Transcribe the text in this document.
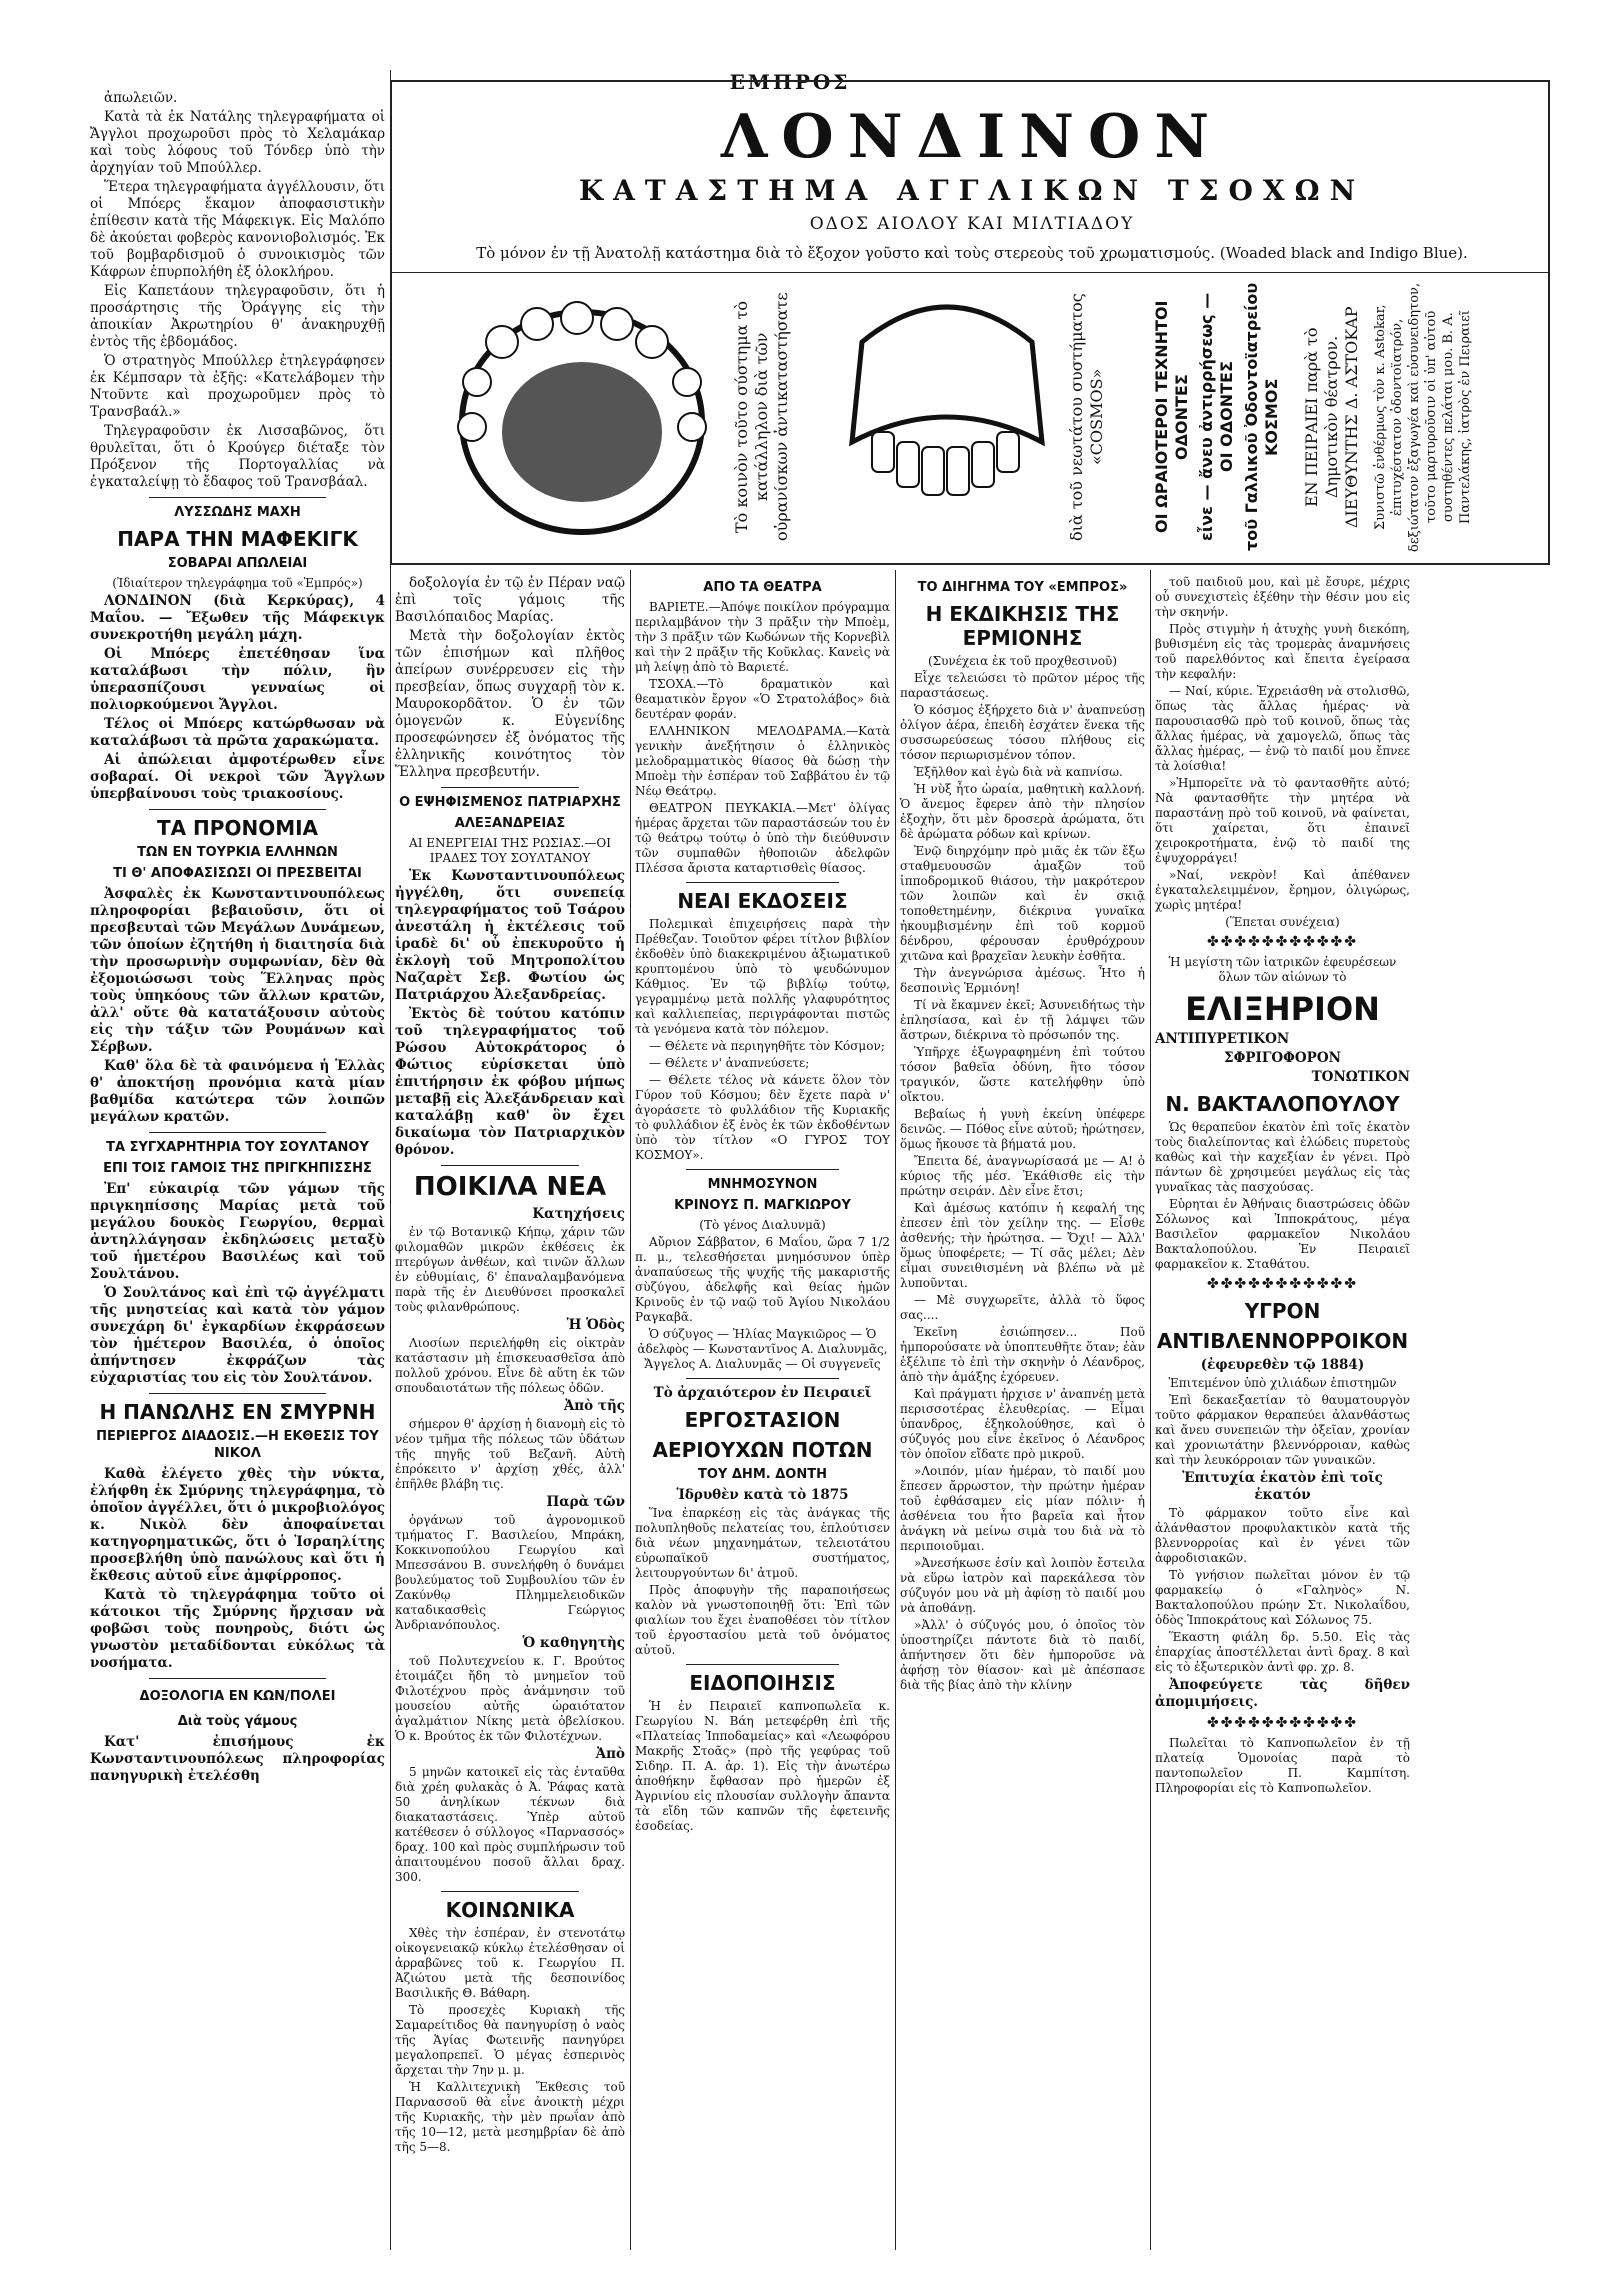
ΕΜΠΡΟΣ

ἀπωλειῶν.

Κατὰ τὰ ἐκ Νατάλης τηλεγραφήματα οἱ Ἄγγλοι προχωροῦσι πρὸς τὸ Χελαμάκαρ καὶ τοὺς λόφους τοῦ Τόνδερ ὑπὸ τὴν ἀρχηγίαν τοῦ Μπούλλερ.

Ἕτερα τηλεγραφήματα ἀγγέλλουσιν, ὅτι οἱ Μπόερς ἔκαμον ἀποφασιστικὴν ἐπίθεσιν κατὰ τῆς Μάφεκιγκ. Εἰς Μαλόπο δὲ ἀκούεται φοβερὸς κανονιοβολισμός. Ἐκ τοῦ βομβαρδισμοῦ ὁ συνοικισμὸς τῶν Κάφρων ἐπυρπολήθη ἐξ ὁλοκλήρου.

Εἰς Καπετάουν τηλεγραφοῦσιν, ὅτι ἡ προσάρτησις τῆς Ὀράγγης εἰς τὴν ἀποικίαν Ἀκρωτηρίου θ' ἀνακηρυχθῇ ἐντὸς τῆς ἑβδομάδος.

Ὁ στρατηγὸς Μπούλλερ ἐτηλεγράφησεν ἐκ Κέμπσαρν τὰ ἑξῆς: «Κατελάβομεν τὴν Ντοῦντε καὶ προχωροῦμεν πρὸς τὸ Τρανσβαάλ.»

Τηλεγραφοῦσιν ἐκ Λισσαβῶνος, ὅτι θρυλεῖται, ὅτι ὁ Κρούγερ διέταξε τὸν Πρόξενον τῆς Πορτογαλλίας νὰ ἐγκαταλείψῃ τὸ ἔδαφος τοῦ Τρανσβάαλ.

ΛΥΣΣΩΔΗΣ ΜΑΧΗ
ΠΑΡΑ ΤΗΝ ΜΑΦΕΚΙΓΚ
ΣΟΒΑΡΑΙ ΑΠΩΛΕΙΑΙ

(Ἰδιαίτερον τηλεγράφημα τοῦ «Ἐμπρός»)

ΛΟΝΔΙΝΟΝ (διὰ Κερκύρας), 4 Μαΐου. — Ἔξωθεν τῆς Μάφεκιγκ συνεκροτήθη μεγάλη μάχη.

Οἱ Μπόερς ἐπετέθησαν ἵνα καταλάβωσι τὴν πόλιν, ἣν ὑπερασπίζουσι γενναίως οἱ πολιορκούμενοι Ἄγγλοι.

Τέλος οἱ Μπόερς κατώρθωσαν νὰ καταλάβωσι τὰ πρῶτα χαρακώματα.

Αἱ ἀπώλειαι ἀμφοτέρωθεν εἶνε σοβαραί. Οἱ νεκροὶ τῶν Ἄγγλων ὑπερβαίνουσι τοὺς τριακοσίους.

ΤΑ ΠΡΟΝΟΜΙΑ
ΤΩΝ ΕΝ ΤΟΥΡΚΙΑ ΕΛΛΗΝΩΝ
ΤΙ Θ' ΑΠΟΦΑΣΙΣΩΣΙ ΟΙ ΠΡΕΣΒΕΙΤΑΙ

Ἀσφαλὲς ἐκ Κωνσταντινουπόλεως πληροφορίαι βεβαιοῦσιν, ὅτι οἱ πρεσβευταὶ τῶν Μεγάλων Δυνάμεων, τῶν ὁποίων ἐζητήθη ἡ διαιτησία διὰ τὴν προσωρινὴν συμφωνίαν, δὲν θὰ ἐξομοιώσωσι τοὺς Ἕλληνας πρὸς τοὺς ὑπηκόους τῶν ἄλλων κρατῶν, ἀλλ' οὔτε θὰ κατατάξουσιν αὐτοὺς εἰς τὴν τάξιν τῶν Ρουμάνων καὶ Σέρβων.

Καθ' ὅλα δὲ τὰ φαινόμενα ἡ Ἑλλὰς θ' ἀποκτήσῃ προνόμια κατὰ μίαν βαθμίδα κατώτερα τῶν λοιπῶν μεγάλων κρατῶν.

ΤΑ ΣΥΓΧΑΡΗΤΗΡΙΑ ΤΟΥ ΣΟΥΛΤΑΝΟΥ
ΕΠΙ ΤΟΙΣ ΓΑΜΟΙΣ ΤΗΣ ΠΡΙΓΚΗΠΙΣΣΗΣ

Ἐπ' εὐκαιρίᾳ τῶν γάμων τῆς πριγκηπίσσης Μαρίας μετὰ τοῦ μεγάλου δουκὸς Γεωργίου, θερμαὶ ἀντηλλάγησαν ἐκδηλώσεις μεταξὺ τοῦ ἡμετέρου Βασιλέως καὶ τοῦ Σουλτάνου.

Ὁ Σουλτάνος καὶ ἐπὶ τῷ ἀγγέλματι τῆς μνηστείας καὶ κατὰ τὸν γάμον συνεχάρη δι' ἐγκαρδίων ἐκφράσεων τὸν ἡμέτερον Βασιλέα, ὁ ὁποῖος ἀπήντησεν ἐκφράζων τὰς εὐχαριστίας του εἰς τὸν Σουλτάνον.

Η ΠΑΝΩΛΗΣ ΕΝ ΣΜΥΡΝΗ
ΠΕΡΙΕΡΓΟΣ ΔΙΑΔΟΣΙΣ.—Η ΕΚΘΕΣΙΣ ΤΟΥ ΝΙΚΟΛ

Καθὰ ἐλέγετο χθὲς τὴν νύκτα, ἐλήφθη ἐκ Σμύρνης τηλεγράφημα, τὸ ὁποῖον ἀγγέλλει, ὅτι ὁ μικροβιολόγος κ. Νικὸλ δὲν ἀποφαίνεται κατηγορηματικῶς, ὅτι ὁ Ἰσραηλίτης προσεβλήθη ὑπὸ πανώλους καὶ ὅτι ἡ ἔκθεσις αὐτοῦ εἶνε ἀμφίρροπος.

Κατὰ τὸ τηλεγράφημα τοῦτο οἱ κάτοικοι τῆς Σμύρνης ἤρχισαν νὰ φοβῶσι τοὺς πονηροὺς, διότι ὡς γνωστὸν μεταδίδονται εὐκόλως τὰ νοσήματα.

ΔΟΞΟΛΟΓΙΑ ΕΝ ΚΩΝ/ΠΟΛΕΙ
Διὰ τοὺς γάμους

Κατ' ἐπισήμους ἐκ Κωνσταντινουπόλεως πληροφορίας πανηγυρικὴ ἐτελέσθη

ΛΟΝΔΙΝΟΝ
ΚΑΤΑΣΤΗΜΑ ΑΓΓΛΙΚΩΝ ΤΣΟΧΩΝ
ΟΔΟΣ ΑΙΟΛΟΥ ΚΑΙ ΜΙΛΤΙΑΔΟΥ
Τὸ μόνον ἐν τῇ Ἀνατολῇ κατάστημα διὰ τὸ ἔξοχον γοῦστο καὶ τοὺς στερεοὺς τοῦ χρωματισμούς. (Woaded black and Indigo Blue).
Τὸ κοινὸν τοῦτο σύστημα τὸ κατάλληλον διὰ τῶν οὐρανίσκων ἀντικαταστήσατε	διὰ τοῦ νεωτάτου συστήματος «COSMOS»	ΟΙ ΩΡΑΙΟΤΕΡΟΙ ΤΕΧΝΗΤΟΙ ΟΔΟΝΤΕΣ εἶνε — ἄνευ ἀντιρρήσεως — ΟΙ ΟΔΟΝΤΕΣ τοῦ Γαλλικοῦ Ὀδοντοϊατρείου ΚΟΣΜΟΣ	ΕΝ ΠΕΙΡΑΙΕΙ παρὰ τὸ Δημοτικὸν θέατρον. ΔΙΕΥΘΥΝΤΗΣ Δ. ΑΣΤΟΚΑΡ Συνιστῶ ἐνθέρμως τὸν κ. Astokar, ἐπιτυχέστατον ὀδοντοϊατρόν, δεξιώτατον ἐξαγωγέα καὶ εὐσυνειδητον, τοῦτο μαρτυροῦσιν οἱ ὑπ' αὐτοῦ συστηθέντες πελάται μου. Β. Α. Παντελάκης, ἰατρὸς ἐν Πειραιεῖ

δοξολογία ἐν τῷ ἐν Πέραν ναῷ ἐπὶ τοῖς γάμοις τῆς Βασιλόπαιδος Μαρίας.

Μετὰ τὴν δοξολογίαν ἐκτὸς τῶν ἐπισήμων καὶ πλῆθος ἀπείρων συνέρρευσεν εἰς τὴν πρεσβείαν, ὅπως συγχαρῇ τὸν κ. Μαυροκορδᾶτον. Ὁ ἐν τῶν ὁμογενῶν κ. Εὐγενίδης προσεφώνησεν ἐξ ὀνόματος τῆς ἑλληνικῆς κοινότητος τὸν Ἕλληνα πρεσβευτήν.

Ο ΕΨΗΦΙΣΜΕΝΟΣ ΠΑΤΡΙΑΡΧΗΣ
ΑΛΕΞΑΝΔΡΕΙΑΣ

ΑΙ ΕΝΕΡΓΕΙΑΙ ΤΗΣ ΡΩΣΙΑΣ.—ΟΙ ΙΡΑΔΕΣ ΤΟΥ ΣΟΥΛΤΑΝΟΥ

Ἐκ Κωνσταντινουπόλεως ἠγγέλθη, ὅτι συνεπείᾳ τηλεγραφήματος τοῦ Τσάρου ἀνεστάλη ἡ ἐκτέλεσις τοῦ ἰραδὲ δι' οὗ ἐπεκυροῦτο ἡ ἐκλογὴ τοῦ Μητροπολίτου Ναζαρὲτ Σεβ. Φωτίου ὡς Πατριάρχου Ἀλεξανδρείας.

Ἐκτὸς δὲ τούτου κατόπιν τοῦ τηλεγραφήματος τοῦ Ρώσου Αὐτοκράτορος ὁ Φώτιος εὑρίσκεται ὑπὸ ἐπιτήρησιν ἐκ φόβου μήπως μεταβῇ εἰς Ἀλεξάνδρειαν καὶ καταλάβῃ καθ' ὃν ἔχει δικαίωμα τὸν Πατριαρχικὸν θρόνον.

ΠΟΙΚΙΛΑ ΝΕΑ

Κατηχήσεις

ἐν τῷ Βοτανικῷ Κήπῳ, χάριν τῶν φιλομαθῶν μικρῶν ἐκθέσεις ἐκ πτερύγων ἀνθέων, καὶ τινῶν ἄλλων ἐν εὐθυμίαις, δ' ἐπαναλαμβανόμενα παρὰ τῆς ἐν Διευθύνσει προσκαλεῖ τοὺς φιλανθρώπους.

Ἡ Ὁδὸς

Λιοσίων περιελήφθη εἰς οἰκτρὰν κατάστασιν μὴ ἐπισκευασθεῖσα ἀπὸ πολλοῦ χρόνου. Εἶνε δὲ αὕτη ἐκ τῶν σπουδαιοτάτων τῆς πόλεως ὁδῶν.

Ἀπὸ τῆς

σήμερον θ' ἀρχίσῃ ἡ διανομὴ εἰς τὸ νέον τμῆμα τῆς πόλεως τῶν ὑδάτων τῆς πηγῆς τοῦ Βεζανῆ. Αὐτὴ ἐπρόκειτο ν' ἀρχίσῃ χθές, ἀλλ' ἐπῆλθε βλάβη τις.

Παρὰ τῶν

ὀργάνων τοῦ ἀγρονομικοῦ τμήματος Γ. Βασιλείου, Μπράκη, Κοκκινοπούλου Γεωργίου καὶ Μπεσσάνου Β. συνελήφθη ὁ δυνάμει βουλεύματος τοῦ Συμβουλίου τῶν ἐν Ζακύνθῳ Πλημμελειοδικῶν καταδικασθεὶς Γεώργιος Ἀνδριανόπουλος.

Ὁ καθηγητὴς

τοῦ Πολυτεχνείου κ. Γ. Βρούτος ἐτοιμάζει ἤδη τὸ μνημεῖον τοῦ Φιλοτέχνου πρὸς ἀνάμνησιν τοῦ μουσείου αὐτῆς ὡραιότατον ἀγαλμάτιον Νίκης μετὰ ὁβελίσκου. Ὁ κ. Βρούτος ἐκ τῶν Φιλοτέχνων.

Ἀπὸ

5 μηνῶν κατοικεῖ εἰς τὰς ἐνταῦθα διὰ χρέη φυλακὰς ὁ Ἀ. Ῥάφας κατὰ 50 ἀνηλίκων τέκνων διὰ διακαταστάσεις. Ὑπὲρ αὐτοῦ κατέθεσεν ὁ σύλλογος «Παρνασσός» δραχ. 100 καὶ πρὸς συμπλήρωσιν τοῦ ἀπαιτουμένου ποσοῦ ἄλλαι δραχ. 300.

ΚΟΙΝΩΝΙΚΑ

Χθὲς τὴν ἑσπέραν, ἐν στενοτάτῳ οἰκογενειακῷ κύκλῳ ἐτελέσθησαν οἱ ἀρραβῶνες τοῦ κ. Γεωργίου Π. Ἀζιώτου μετὰ τῆς δεσποινίδος Βασιλικῆς Θ. Βάθαρη.

Τὸ προσεχὲς Κυριακὴ τῆς Σαμαρείτιδος θὰ πανηγυρίσῃ ὁ ναὸς τῆς Ἁγίας Φωτεινῆς πανηγύρει μεγαλοπρεπεῖ. Ὁ μέγας ἑσπερινὸς ἄρχεται τὴν 7ην μ. μ.

Ἡ Καλλιτεχνικὴ Ἔκθεσις τοῦ Παρνασσοῦ θὰ εἶνε ἀνοικτὴ μέχρι τῆς Κυριακῆς, τὴν μὲν πρωΐαν ἀπὸ τῆς 10—12, μετὰ μεσημβρίαν δὲ ἀπὸ τῆς 5—8.

ΑΠΟ ΤΑ ΘΕΑΤΡΑ

ΒΑΡΙΕΤΕ.—Ἀπόψε ποικίλον πρόγραμμα περιλαμβάνον τὴν 3 πρᾶξιν τὴν Μποὲμ, τὴν 3 πρᾶξιν τῶν Κωδώνων τῆς Κορνεβὶλ καὶ τὴν 2 πρᾶξιν τῆς Κοῦκλας. Κανεὶς νὰ μὴ λείψῃ ἀπὸ τὸ Βαριετέ.

ΤΣΟΧΑ.—Τὸ δραματικὸν καὶ θεαματικὸν ἔργον «Ὁ Στρατολάβος» διὰ δευτέραν φοράν.

ΕΛΛΗΝΙΚΟΝ ΜΕΛΟΔΡΑΜΑ.—Κατὰ γενικὴν ἀνεξήτησιν ὁ ἑλληνικὸς μελοδραμματικὸς θίασος θὰ δώσῃ τὴν Μποὲμ τὴν ἑσπέραν τοῦ Σαββάτου ἐν τῷ Νέῳ Θεάτρῳ.

ΘΕΑΤΡΟΝ ΠΕΥΚΑΚΙΑ.—Μετ' ὀλίγας ἡμέρας ἄρχεται τῶν παραστάσεών του ἐν τῷ θεάτρῳ τούτῳ ὁ ὑπὸ τὴν διεύθυνσιν τῶν συμπαθῶν ἠθοποιῶν ἀδελφῶν Πλέσσα ἄριστα καταρτισθεὶς θίασος.

ΝΕΑΙ ΕΚΔΟΣΕΙΣ

Πολεμικαὶ ἐπιχειρήσεις παρὰ τὴν Πρέθεζαν. Τοιοῦτον φέρει τίτλον βιβλίον ἐκδοθὲν ὑπὸ διακεκριμένου ἀξιωματικοῦ κρυπτομένου ὑπὸ τὸ ψευδώνυμον Κάθμιος. Ἐν τῷ βιβλίῳ τούτῳ, γεγραμμένῳ μετὰ πολλῆς γλαφυρότητος καὶ καλλιεπείας, περιγράφονται πιστῶς τὰ γενόμενα κατὰ τὸν πόλεμον.

— Θέλετε νὰ περιηγηθῆτε τὸν Κόσμον;

— Θέλετε ν' ἀναπνεύσετε;

— Θέλετε τέλος νὰ κάνετε ὅλον τὸν Γύρον τοῦ Κόσμου; δὲν ἔχετε παρὰ ν' ἀγοράσετε τὸ φυλλάδιον τῆς Κυριακῆς τὸ φυλλάδιον ἐξ ἑνὸς ἐκ τῶν ἐκδοθέντων ὑπὸ τὸν τίτλον «Ο ΓΥΡΟΣ ΤΟΥ ΚΟΣΜΟΥ».

ΜΝΗΜΟΣΥΝΟΝ
ΚΡΙΝΟΥΣ Π. ΜΑΓΚΙΩΡΟΥ

(Τὸ γένος Διαλυνμᾶ)

Αὔριον Σάββατον, 6 Μαΐου, ὥρα 7 1/2 π. μ., τελεσθήσεται μνημόσυνον ὑπὲρ ἀναπαύσεως τῆς ψυχῆς τῆς μακαριστῆς σὺζύγου, ἀδελφῆς καὶ θείας ἡμῶν Κρινοῦς ἐν τῷ ναῷ τοῦ Ἁγίου Νικολάου Ραγκαβᾶ.

Ὁ σύζυγος — Ἠλίας Μαγκιῶρος — Ὁ ἀδελφὸς — Κωνσταντῖνος Α. Διαλυνμᾶς, Ἄγγελος Α. Διαλυνμᾶς — Οἱ συγγενεῖς

Τὸ ἀρχαιότερον ἐν Πειραιεῖ

ΕΡΓΟΣΤΑΣΙΟΝ
ΑΕΡΙΟΥΧΩΝ ΠΟΤΩΝ
ΤΟΥ ΔΗΜ. ΔΟΝΤΗ

Ἱδρυθὲν κατὰ τὸ 1875

Ἵνα ἐπαρκέσῃ εἰς τὰς ἀνάγκας τῆς πολυπληθοῦς πελατείας του, ἐπλούτισεν διὰ νέων μηχανημάτων, τελειοτάτου εὐρωπαϊκοῦ συστήματος, λειτουργούντων δι' ἀτμοῦ.

Πρὸς ἀποφυγὴν τῆς παραποιήσεως καλὸν νὰ γνωστοποιηθῇ ὅτι: Ἐπὶ τῶν φιαλίων του ἔχει ἐναποθέσει τὸν τίτλον τοῦ ἐργοστασίου μετὰ τοῦ ὀνόματος αὐτοῦ.

ΕΙΔΟΠΟΙΗΣΙΣ

Ἡ ἐν Πειραιεῖ καπνοπωλεῖα κ. Γεωργίου Ν. Βάη μετεφέρθη ἐπὶ τῆς «Πλατείας Ἱπποδαμείας» καὶ «Λεωφόρου Μακρῆς Στοᾶς» (πρὸ τῆς γεφύρας τοῦ Σιδηρ. Π. Α. ἀρ. 1). Εἰς τὴν ἀνωτέρω ἀποθήκην ἔφθασαν πρὸ ἡμερῶν ἐξ Ἀγρινίου εἰς πλουσίαν συλλογὴν ἄπαντα τὰ εἴδη τῶν καπνῶν τῆς ἐφετεινῆς ἐσοδείας.

ΤΟ ΔΙΗΓΗΜΑ ΤΟΥ «ΕΜΠΡΟΣ»
Η ΕΚΔΙΚΗΣΙΣ ΤΗΣ ΕΡΜΙΟΝΗΣ

(Συνέχεια ἐκ τοῦ προχθεσινοῦ)

Εἶχε τελειώσει τὸ πρῶτον μέρος τῆς παραστάσεως.

Ὁ κόσμος ἐξήρχετο διὰ ν' ἀναπνεύσῃ ὀλίγον ἀέρα, ἐπειδὴ ἐσχάτεν ἕνεκα τῆς συσσωρεύσεως τόσου πλήθους εἰς τόσον περιωρισμένον τόπον.

Ἐξῆλθον καὶ ἐγὼ διὰ νὰ καπνίσω.

Ἡ νὺξ ἦτο ὡραία, μαθητικὴ καλλονή. Ὁ ἄνεμος ἔφερεν ἀπὸ τὴν πλησίον ἐξοχὴν, ὅτι μὲν δροσερὰ ἀρώματα, ὅτι δὲ ἀρώματα ρόδων καὶ κρίνων.

Ἐνῷ διηρχόμην πρὸ μιᾶς ἐκ τῶν ἔξω σταθμευουσῶν ἁμαξῶν τοῦ ἱπποδρομικοῦ θιάσου, τὴν μακρότερον τῶν λοιπῶν καὶ ἐν σκιᾷ τοποθετημένην, διέκρινα γυναῖκα ἠκουμβισμένην ἐπὶ τοῦ κορμοῦ δένδρου, φέρουσαν ἐρυθρόχρουν χιτῶνα καὶ βραχεῖαν λευκὴν ἐσθῆτα.

Τὴν ἀνεγνώρισα ἀμέσως. Ἦτο ἡ δεσποινὶς Ἑρμιόνη!

Τί νὰ ἔκαμνεν ἐκεῖ; Ἀσυνειδήτως τὴν ἐπλησίασα, καὶ ἐν τῇ λάμψει τῶν ἄστρων, διέκρινα τὸ πρόσωπόν της.

Ὑπῆρχε ἐξωγραφημένη ἐπὶ τούτου τόσον βαθεῖα ὀδύνη, ἣτο τόσον τραγικόν, ὥστε κατελήφθην ὑπὸ οἴκτου.

Βεβαίως ἡ γυνὴ ἐκείνη ὑπέφερε δεινῶς. — Πόθος εἶνε αὐτοῦ; ἠρώτησεν, ὅμως ἤκουσε τὰ βήματά μου.

Ἔπειτα δέ, ἀναγνωρίσασά με — Α! ὁ κύριος τῆς μέσ. Ἐκάθισθε εἰς τὴν πρώτην σειράν. Δὲν εἶνε ἔτσι;

Καὶ ἀμέσως κατόπιν ἡ κεφαλή της ἐπεσεν ἐπὶ τὸν χείλην της. — Εἶσθε ἀσθενής; τὴν ἠρώτησα. — Ὄχι! — Ἀλλ' ὅμως ὑποφέρετε; — Τί σᾶς μέλει; Δὲν εἶμαι συνειθισμένη νὰ βλέπω νὰ μὲ λυποῦνται.

— Μὲ συγχωρεῖτε, ἀλλὰ τὸ ὕφος σας....

Ἐκεῖνη ἐσιώπησεν... Ποῦ ἠμπορούσατε νὰ ὑποπτευθῆτε ὅταν; ἐὰν ἐξέλιπε τὸ ἐπὶ τὴν σκηνὴν ὁ Λέανδρος, ἀπὸ τὴν ἁμάξης ἐχόρευεν.

Καὶ πράγματι ἠρχισε ν' ἀναπνέῃ μετὰ περισσοτέρας ἐλευθερίας. — Εἶμαι ὑπανδρος, ἐξηκολούθησε, καὶ ὁ σύζυγός μου εἶνε ἐκεῖνος ὁ Λέανδρος τὸν ὁποῖον εἴδατε πρὸ μικροῦ.

»Λοιπόν, μίαν ἡμέραν, τὸ παιδί μου ἔπεσεν ἄρρωστον, τὴν πρώτην ἡμέραν τοῦ ἐφθάσαμεν εἰς μίαν πόλιν· ἡ ἀσθένεια του ἦτο βαρεῖα καὶ ἦτον ἀνάγκη νὰ μείνω σιμὰ του διὰ νὰ τὸ περιποιοῦμαι.

»Ἀνεσήκωσε ἐσίν καὶ λοιπὸν ἔστειλα νὰ εὕρω ἰατρὸν καὶ παρεκάλεσα τὸν σύζυγόν μου νὰ μὴ ἀφίσῃ τὸ παιδί μου νὰ ἀποθάνῃ.

»Ἀλλ' ὁ σύζυγός μου, ὁ ὁποῖος τὸν ὑποστηρίζει πάντοτε διὰ τὸ παιδί, ἀπήντησεν ὅτι δὲν ἠμποροῦσε νὰ ἀφήσῃ τὸν θίασον· καὶ μὲ ἀπέσπασε διὰ τῆς βίας ἀπὸ τὴν κλίνην

τοῦ παιδιοῦ μου, καὶ μὲ ἔσυρε, μέχρις οὗ συνεχιστεὶς ἐξέθην τὴν θέσιν μου εἰς τὴν σκηνήν.

Πρὸς στιγμὴν ἡ ἀτυχὴς γυνὴ διεκόπη, βυθισμένη εἰς τὰς τρομερὰς ἀναμνήσεις τοῦ παρελθόντος καὶ ἔπειτα ἐγείρασα τὴν κεφαλήν:

— Ναί, κύριε. Ἐχρειάσθη νὰ στολισθῶ, ὅπως τὰς ἄλλας ἡμέρας· νὰ παρουσιασθῶ πρὸ τοῦ κοινοῦ, ὅπως τὰς ἄλλας ἡμέρας, νὰ χαμογελῶ, ὅπως τὰς ἄλλας ἡμέρας, — ἐνῷ τὸ παιδί μου ἔπνεε τὰ λοίσθια!

»Ἠμπορεῖτε νὰ τὸ φαντασθῆτε αὐτό; Νὰ φαντασθῆτε τὴν μητέρα νὰ παραστάνῃ πρὸ τοῦ κοινοῦ, νὰ φαίνεται, ὅτι χαίρεται, ὅτι ἐπαινεῖ χειροκροτήματα, ἐνῷ τὸ παιδί της ἐψυχορράγει!

»Ναί, νεκρὸν! Καὶ ἀπέθανεν ἐγκαταλελειμμένον, ἔρημον, ὀλιγώρως, χωρὶς μητέρα!

(Ἕπεται συνέχεια)

✤✤✤✤✤✤✤✤✤✤✤

Ἡ μεγίστη τῶν ἰατρικῶν ἐφευρέσεων ὅλων τῶν αἰώνων τὸ

ΕΛΙΞΗΡΙΟΝ

ΑΝΤΙΠΥΡΕΤΙΚΟΝ

ΣΦΡΙΓΟΦΟΡΟΝ

ΤΟΝΩΤΙΚΟΝ

Ν. ΒΑΚΤΑΛΟΠΟΥΛΟΥ

Ὡς θεραπεῦον ἑκατὸν ἐπὶ τοῖς ἑκατὸν τοὺς διαλείποντας καὶ ἑλώδεις πυρετοὺς καθὼς καὶ τὴν καχεξίαν ἐν γένει. Πρὸ πάντων δὲ χρησιμεύει μεγάλως εἰς τὰς γυναῖκας τὰς πασχούσας.

Εὑρηται ἐν Ἀθήναις διαστρώσεις ὁδῶν Σόλωνος καὶ Ἱπποκράτους, μέγα Βασιλεῖον φαρμακεῖον Νικολάου Βακταλοπούλου. Ἐν Πειραιεῖ φαρμακεῖον κ. Σταθάτου.

✤✤✤✤✤✤✤✤✤✤✤
ΥΓΡΟΝ
ΑΝΤΙΒΛΕΝΝΟΡΡΟΙΚΟΝ

(ἐφευρεθὲν τῷ 1884)

Ἐπιτεμένον ὑπὸ χιλιάδων ἐπιστημῶν

Ἐπὶ δεκαεξαετίαν τὸ θαυματουργὸν τοῦτο φάρμακον θεραπεύει ἀλανθάστως καὶ ἄνευ συνεπειῶν τὴν ὀξεῖαν, χρονίαν καὶ χρονιωτάτην βλεννόρροιαν, καθὼς καὶ τὴν λευκόρροιαν τῶν γυναικῶν.

Ἐπιτυχία ἑκατὸν ἐπὶ τοῖς ἑκατόν

Τὸ φάρμακον τοῦτο εἶνε καὶ ἀλάνθαστον προφυλακτικὸν κατὰ τῆς βλεννορροίας καὶ ἐν γένει τῶν ἀφροδισιακῶν.

Τὸ γνήσιον πωλεῖται μόνον ἐν τῷ φαρμακείῳ ὁ «Γαληνὸς» Ν. Βακταλοπούλου πρώην Στ. Νικολαΐδου, ὁδὸς Ἱπποκράτους καὶ Σόλωνος 75.

Ἕκαστη φιάλη δρ. 5.50. Εἰς τὰς ἐπαρχίας ἀποστέλλεται ἀντὶ δραχ. 8 καὶ εἰς τὸ ἐξωτερικὸν ἀντὶ φρ. χρ. 8.

Ἀποφεύγετε τὰς δῆθεν ἀπομιμήσεις.

✤✤✤✤✤✤✤✤✤✤✤

Πωλεῖται τὸ Καπνοπωλεῖον ἐν τῇ πλατείᾳ Ὁμονοίας παρὰ τὸ παντοπωλεῖον Π. Καμπίτση. Πληροφορίαι εἰς τὸ Καπνοπωλεῖον.
